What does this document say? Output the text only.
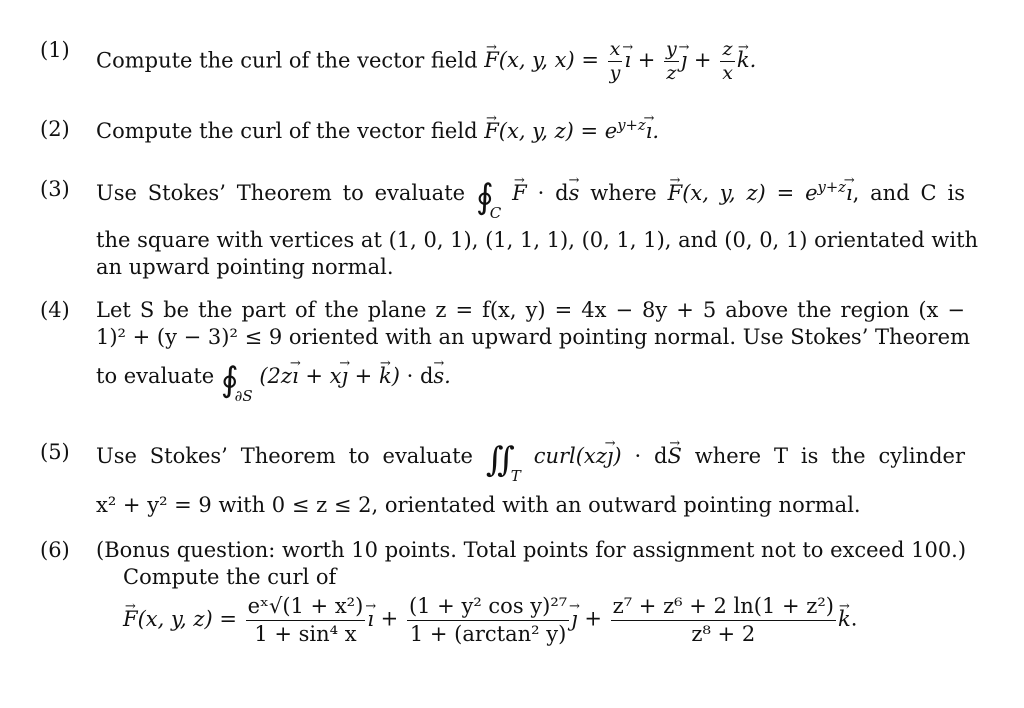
(1) Compute the curl of the vector field → F(x, y, $x) = \frac{x}{y}$
→ ı + $\frac{y}{z}$
→ ȷ + $\frac{z}{x}$
→ k.
(2) Compute the curl of the vector field → F(x, y, $z) = e^{y+z}\to$ ı.
(3) Use Stokes’ Theorem to evaluate $∮_C \to F \cdot d\to s$ where → F(x, y, $z) = e^{y+z}\to$ ı, and C is
the square with vertices at (1, 0, 1), (1, 1, 1), (0, 1, 1), and (0, 0, 1) orientated with
an upward pointing normal.
(4) Let S be the part of the plane z = f(x, y) = 4x − 8y + 5 above the region (x −
1)² + (y − 3)² ≤ 9 oriented with an upward pointing normal. Use Stokes’ Theorem
to evaluate $∮_{\partial S}$ (2z→ ı + x→ ȷ + → k) · d→ s.
(5) Use Stokes’ Theorem to evaluate $∬_T$ curl(xz→ ȷ) · d→ S where T is the cylinder
x² + y² = 9 with 0 ≤ z ≤ 2, orientated with an outward pointing normal.
(6) (Bonus question: worth 10 points. Total points for assignment not to exceed 100.)
Compute the curl of
→ F(x, y, $z) = \frac{\text{eˣ√(1 + x²)}}{\text{1 + sin⁴ x}}$
→ ı + $\frac{\text{(1 + y² cos y)²⁷}}{\text{1 + (arctan² y)}}$
→ ȷ + $\frac{\text{z⁷ + z⁶ + 2 ln(1 + z²)}}{\text{z⁸ + 2}}$
→ k.
